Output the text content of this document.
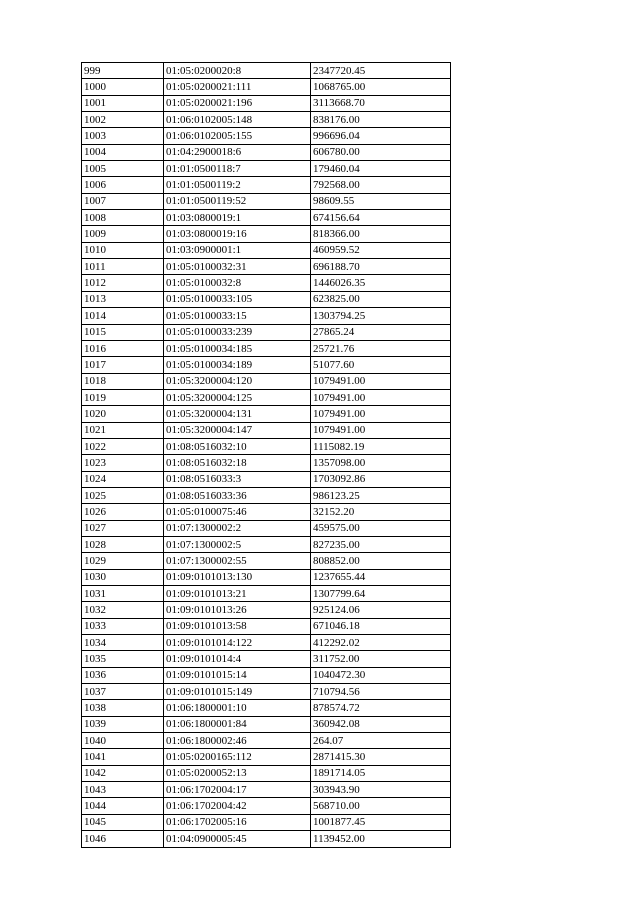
999	01:05:0200020:8	2347720.45
1000	01:05:0200021:111	1068765.00
1001	01:05:0200021:196	3113668.70
1002	01:06:0102005:148	838176.00
1003	01:06:0102005:155	996696.04
1004	01:04:2900018:6	606780.00
1005	01:01:0500118:7	179460.04
1006	01:01:0500119:2	792568.00
1007	01:01:0500119:52	98609.55
1008	01:03:0800019:1	674156.64
1009	01:03:0800019:16	818366.00
1010	01:03:0900001:1	460959.52
1011	01:05:0100032:31	696188.70
1012	01:05:0100032:8	1446026.35
1013	01:05:0100033:105	623825.00
1014	01:05:0100033:15	1303794.25
1015	01:05:0100033:239	27865.24
1016	01:05:0100034:185	25721.76
1017	01:05:0100034:189	51077.60
1018	01:05:3200004:120	1079491.00
1019	01:05:3200004:125	1079491.00
1020	01:05:3200004:131	1079491.00
1021	01:05:3200004:147	1079491.00
1022	01:08:0516032:10	1115082.19
1023	01:08:0516032:18	1357098.00
1024	01:08:0516033:3	1703092.86
1025	01:08:0516033:36	986123.25
1026	01:05:0100075:46	32152.20
1027	01:07:1300002:2	459575.00
1028	01:07:1300002:5	827235.00
1029	01:07:1300002:55	808852.00
1030	01:09:0101013:130	1237655.44
1031	01:09:0101013:21	1307799.64
1032	01:09:0101013:26	925124.06
1033	01:09:0101013:58	671046.18
1034	01:09:0101014:122	412292.02
1035	01:09:0101014:4	311752.00
1036	01:09:0101015:14	1040472.30
1037	01:09:0101015:149	710794.56
1038	01:06:1800001:10	878574.72
1039	01:06:1800001:84	360942.08
1040	01:06:1800002:46	264.07
1041	01:05:0200165:112	2871415.30
1042	01:05:0200052:13	1891714.05
1043	01:06:1702004:17	303943.90
1044	01:06:1702004:42	568710.00
1045	01:06:1702005:16	1001877.45
1046	01:04:0900005:45	1139452.00
